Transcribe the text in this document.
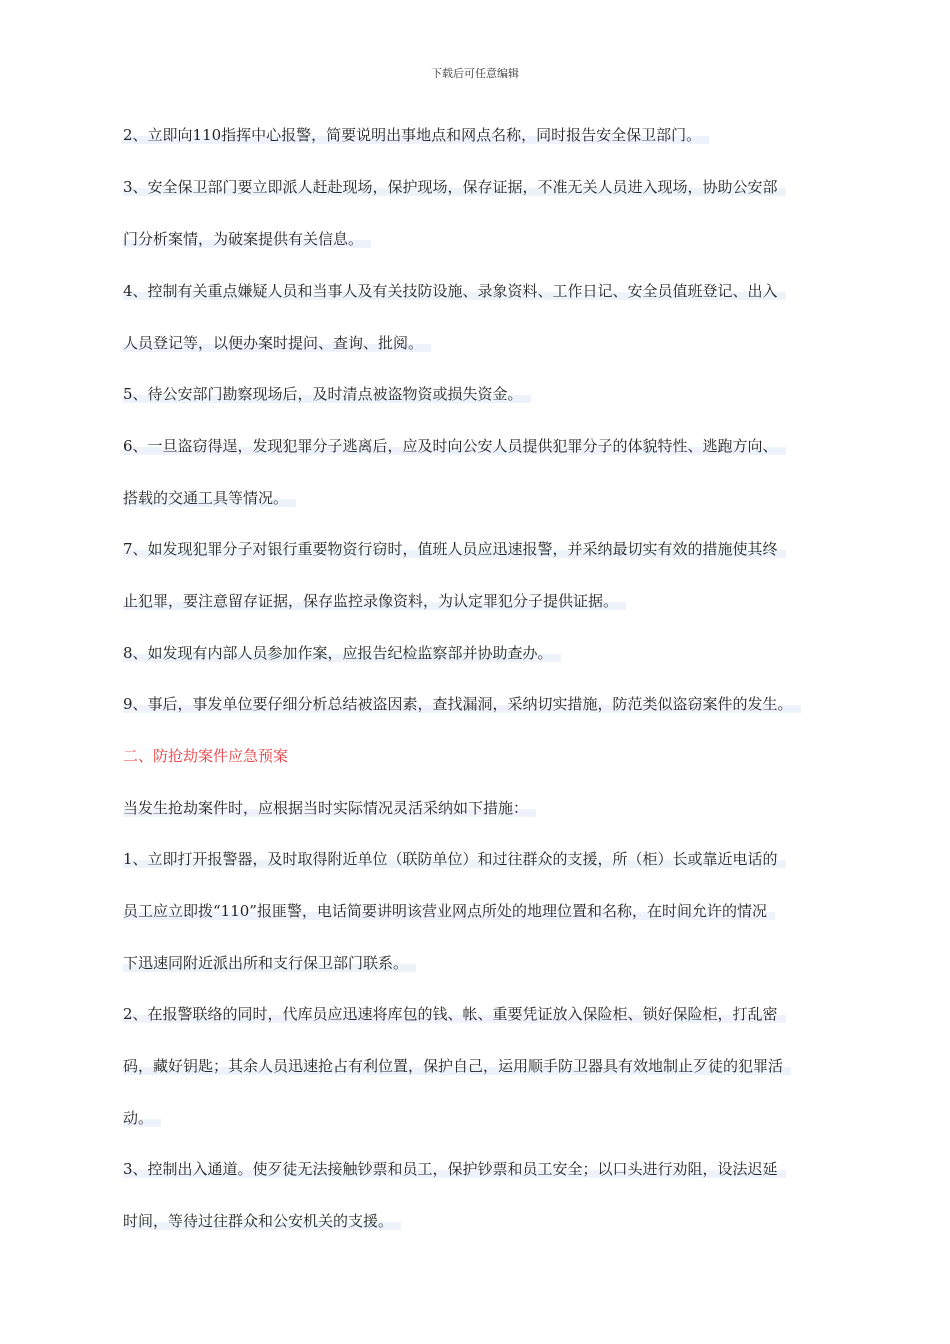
下载后可任意编辑
2、立即向110指挥中心报警，简要说明出事地点和网点名称，同时报告安全保卫部门。
3、安全保卫部门要立即派人赶赴现场，保护现场，保存证据，不准无关人员进入现场，协助公安部
门分析案情，为破案提供有关信息。
4、控制有关重点嫌疑人员和当事人及有关技防设施、录象资料、工作日记、安全员值班登记、出入
人员登记等，以便办案时提问、查询、批阅。
5、待公安部门勘察现场后，及时清点被盗物资或损失资金。
6、一旦盗窃得逞，发现犯罪分子逃离后，应及时向公安人员提供犯罪分子的体貌特性、逃跑方向、
搭载的交通工具等情况。
7、如发现犯罪分子对银行重要物资行窃时，值班人员应迅速报警，并采纳最切实有效的措施使其终
止犯罪，要注意留存证据，保存监控录像资料，为认定罪犯分子提供证据。
8、如发现有内部人员参加作案，应报告纪检监察部并协助查办。
9、事后，事发单位要仔细分析总结被盗因素，查找漏洞，采纳切实措施，防范类似盗窃案件的发生。
二、防抢劫案件应急预案
当发生抢劫案件时，应根据当时实际情况灵活采纳如下措施：
1、立即打开报警器，及时取得附近单位（联防单位）和过往群众的支援，所（柜）长或靠近电话的
员工应立即拨“110”报匪警，电话简要讲明该营业网点所处的地理位置和名称，在时间允许的情况
下迅速同附近派出所和支行保卫部门联系。
2、在报警联络的同时，代库员应迅速将库包的钱、帐、重要凭证放入保险柜、锁好保险柜，打乱密
码，藏好钥匙；其余人员迅速抢占有利位置，保护自己，运用顺手防卫器具有效地制止歹徒的犯罪活
动。
3、控制出入通道。使歹徒无法接触钞票和员工，保护钞票和员工安全；以口头进行劝阻，设法迟延
时间，等待过往群众和公安机关的支援。
